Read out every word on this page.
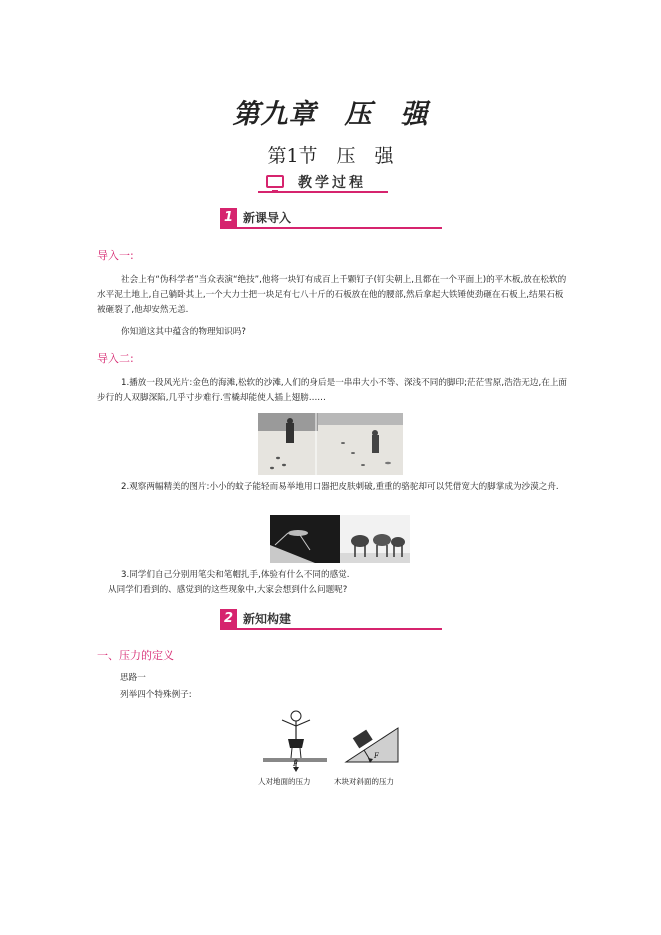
第九章　压　强
第1节　压　强
教学过程
1 新课导入
导入一:
社会上有“伪科学者”当众表演“绝技”,他将一块钉有成百上千颗钉子(钉尖朝上,且都在一个平面上)的平木板,放在松软的水平泥土地上,自己躺卧其上,一个大力士把一块足有七八十斤的石板放在他的腰部,然后拿起大铁锤使劲砸在石板上,结果石板被砸裂了,他却安然无恙.
你知道这其中蕴含的物理知识吗?
导入二:
1.播放一段风光片:金色的海滩,松软的沙滩,人们的身后是一串串大小不等、深浅不同的脚印;茫茫雪原,浩浩无边,在上面步行的人双脚深陷,几乎寸步难行.雪橇却能使人插上翅膀……
2.观察两幅精美的图片:小小的蚊子能轻而易举地用口器把皮肤刺破,重重的骆驼却可以凭借宽大的脚掌成为沙漠之舟.
3.同学们自己分别用笔尖和笔帽扎手,体验有什么不同的感觉.
从同学们看到的、感觉到的这些现象中,大家会想到什么问题呢?
2 新知构建
一、压力的定义
思路一
列举四个特殊例子:
F
F
人对地面的压力	木块对斜面的压力
